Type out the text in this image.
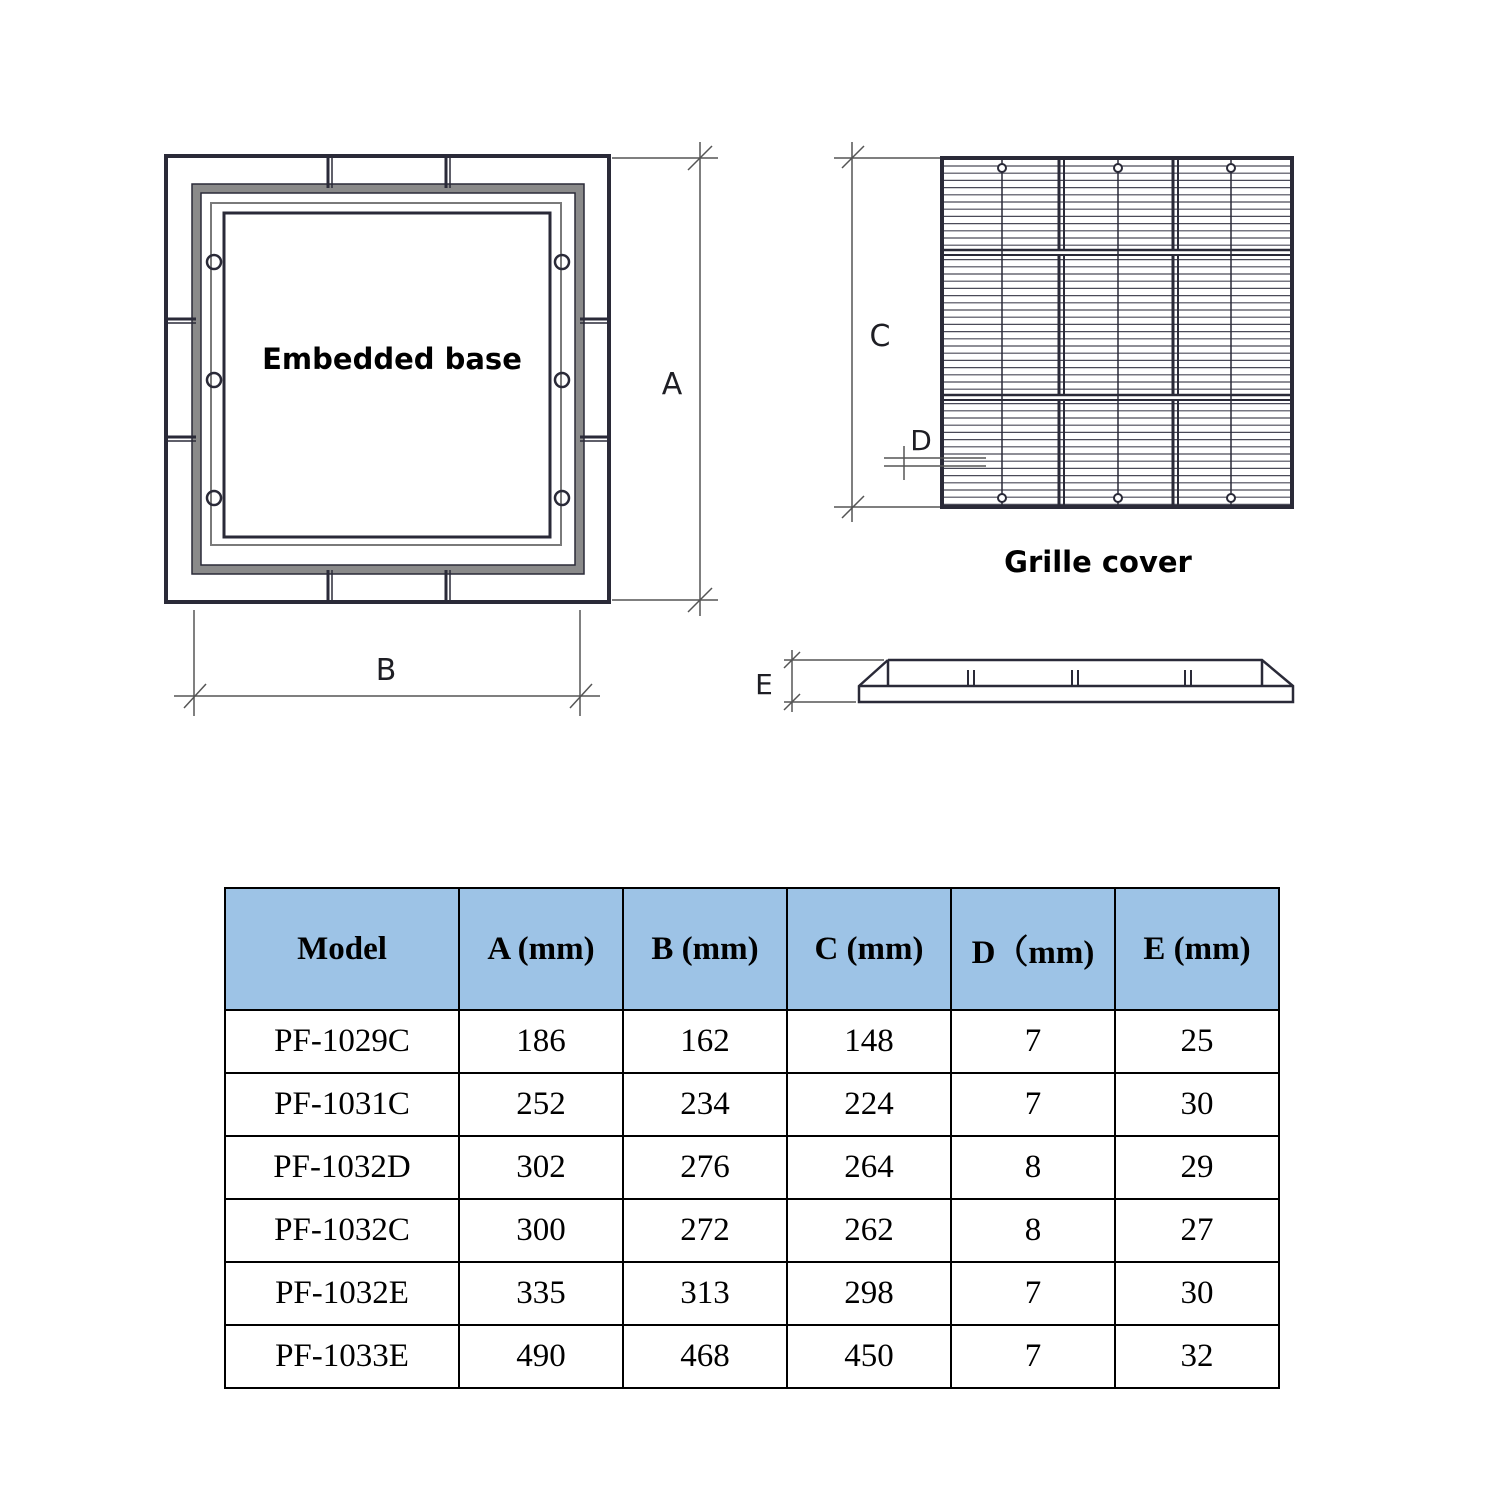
A
B
C
D
Grille cover
Embedded base
E
Model	A (mm)	B (mm)	C (mm)	D（mm)	E (mm)
PF-1029C	186	162	148	7	25
PF-1031C	252	234	224	7	30
PF-1032D	302	276	264	8	29
PF-1032C	300	272	262	8	27
PF-1032E	335	313	298	7	30
PF-1033E	490	468	450	7	32
